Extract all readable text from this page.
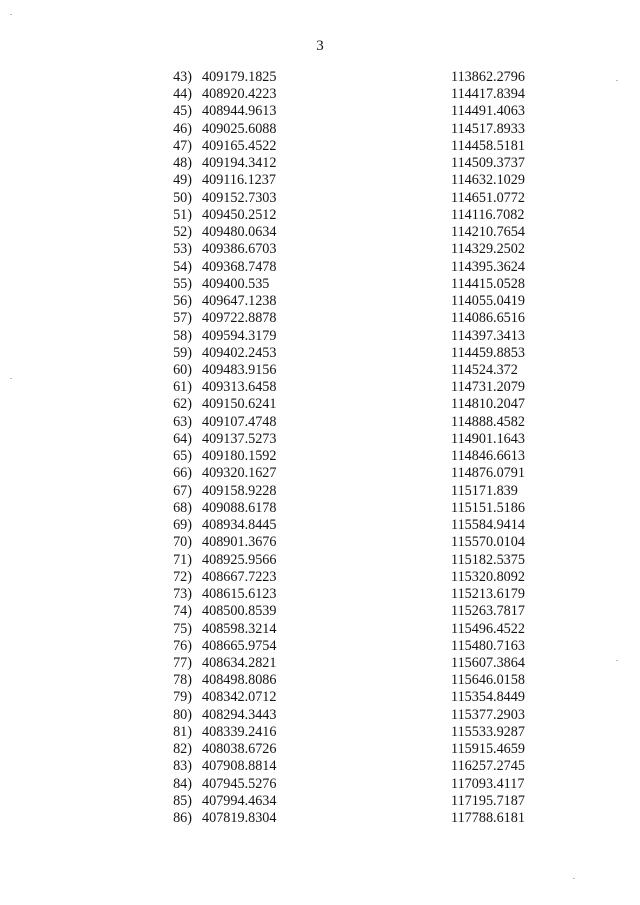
3
43) 409179.1825	113862.2796
44) 408920.4223	114417.8394
45) 408944.9613	114491.4063
46) 409025.6088	114517.8933
47) 409165.4522	114458.5181
48) 409194.3412	114509.3737
49) 409116.1237	114632.1029
50) 409152.7303	114651.0772
51) 409450.2512	114116.7082
52) 409480.0634	114210.7654
53) 409386.6703	114329.2502
54) 409368.7478	114395.3624
55) 409400.535	114415.0528
56) 409647.1238	114055.0419
57) 409722.8878	114086.6516
58) 409594.3179	114397.3413
59) 409402.2453	114459.8853
60) 409483.9156	114524.372
61) 409313.6458	114731.2079
62) 409150.6241	114810.2047
63) 409107.4748	114888.4582
64) 409137.5273	114901.1643
65) 409180.1592	114846.6613
66) 409320.1627	114876.0791
67) 409158.9228	115171.839
68) 409088.6178	115151.5186
69) 408934.8445	115584.9414
70) 408901.3676	115570.0104
71) 408925.9566	115182.5375
72) 408667.7223	115320.8092
73) 408615.6123	115213.6179
74) 408500.8539	115263.7817
75) 408598.3214	115496.4522
76) 408665.9754	115480.7163
77) 408634.2821	115607.3864
78) 408498.8086	115646.0158
79) 408342.0712	115354.8449
80) 408294.3443	115377.2903
81) 408339.2416	115533.9287
82) 408038.6726	115915.4659
83) 407908.8814	116257.2745
84) 407945.5276	117093.4117
85) 407994.4634	117195.7187
86) 407819.8304	117788.6181
